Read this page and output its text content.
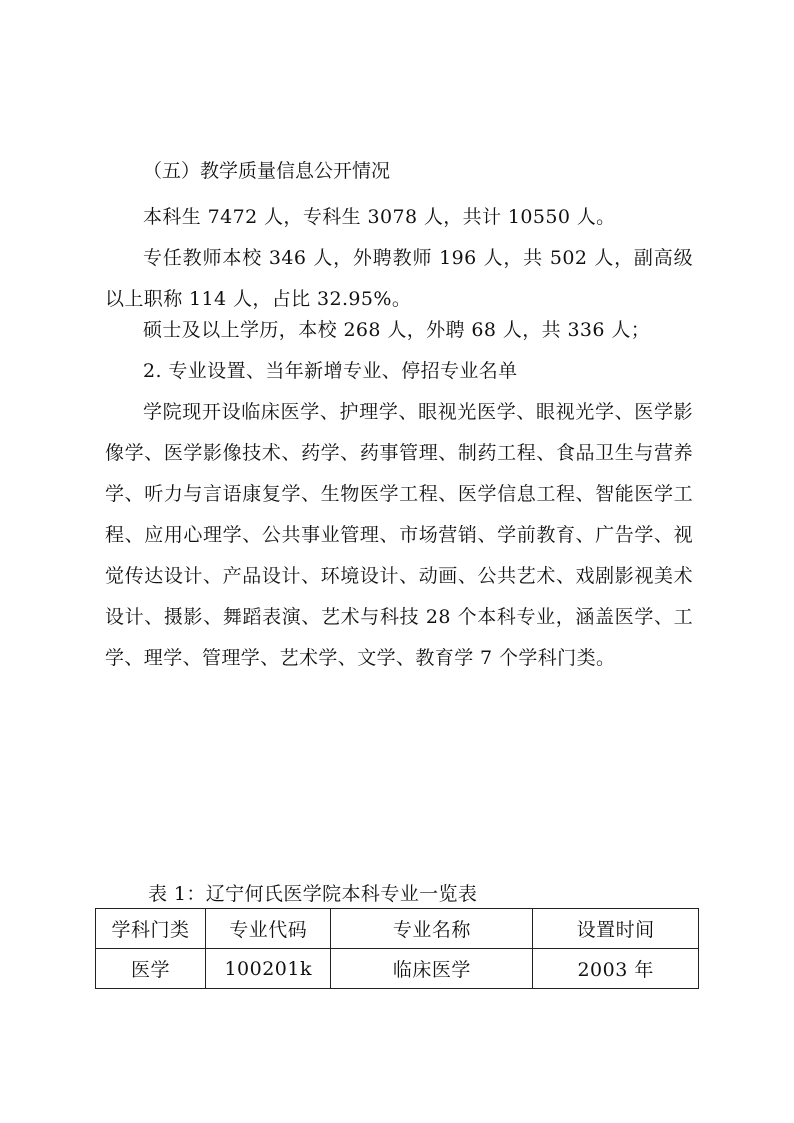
（五）教学质量信息公开情况
本科生 7472 人，专科生 3078 人，共计 10550 人。
专任教师本校 346 人，外聘教师 196 人，共 502 人，副高级以上职称 114 人，占比 32.95%。
硕士及以上学历，本校 268 人，外聘 68 人，共 336 人；
2. 专业设置、当年新增专业、停招专业名单
学院现开设临床医学、护理学、眼视光医学、眼视光学、医学影像学、医学影像技术、药学、药事管理、制药工程、食品卫生与营养学、听力与言语康复学、生物医学工程、医学信息工程、智能医学工程、应用心理学、公共事业管理、市场营销、学前教育、广告学、视觉传达设计、产品设计、环境设计、动画、公共艺术、戏剧影视美术设计、摄影、舞蹈表演、艺术与科技 28 个本科专业，涵盖医学、工学、理学、管理学、艺术学、文学、教育学 7 个学科门类。
表 1：辽宁何氏医学院本科专业一览表
学科门类	专业代码	专业名称	设置时间
医学	100201k	临床医学	2003 年
